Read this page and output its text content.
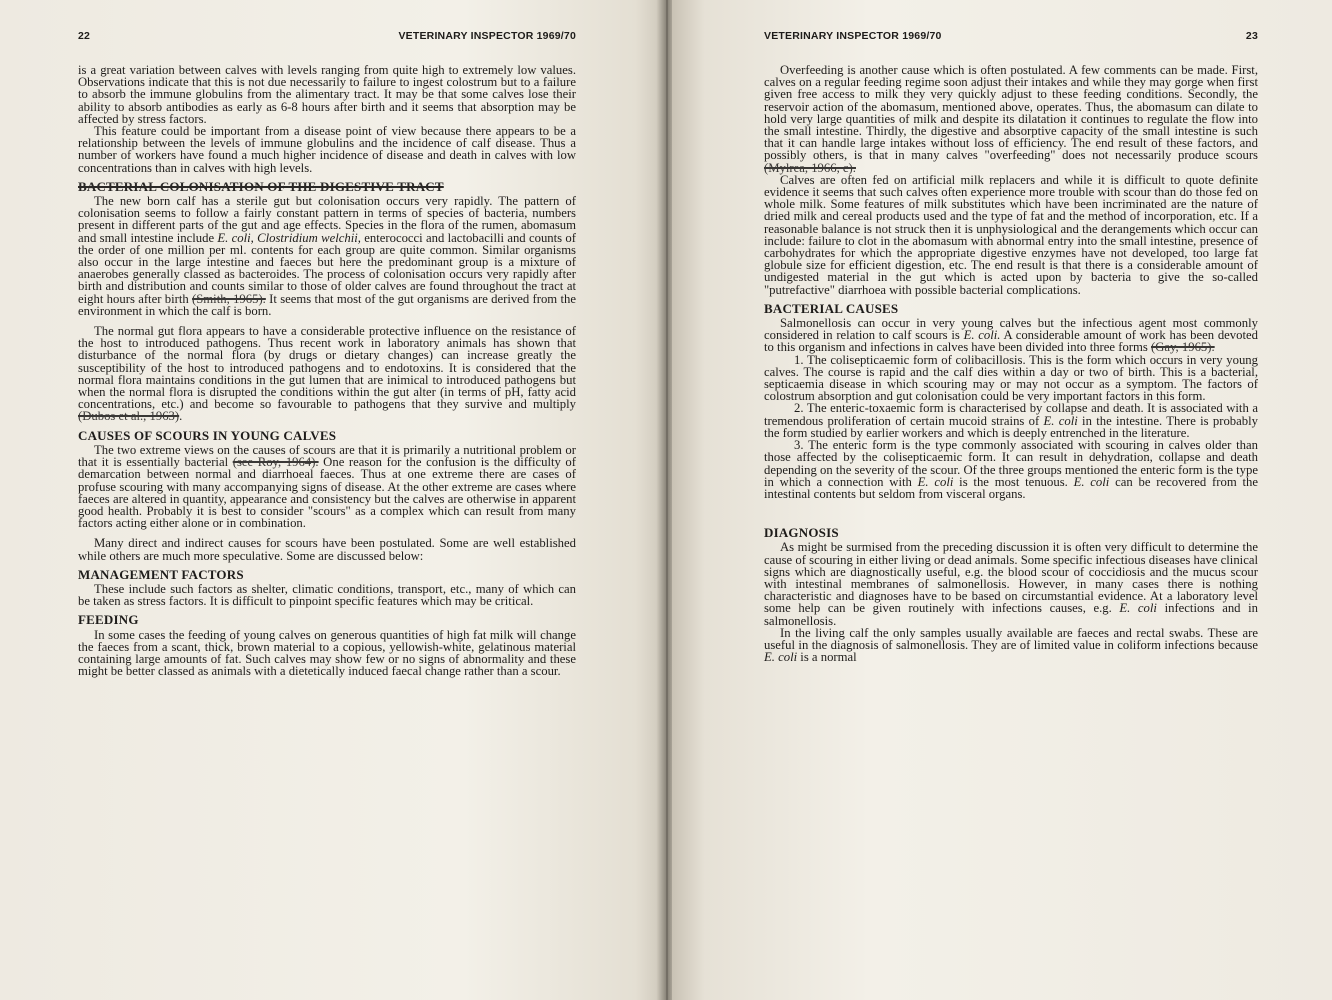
22	VETERINARY INSPECTOR 1969/70

is a great variation between calves with levels ranging from quite high to extremely low values. Observations indicate that this is not due necessarily to failure to ingest colostrum but to a failure to absorb the immune globulins from the alimentary tract. It may be that some calves lose their ability to absorb antibodies as early as 6-8 hours after birth and it seems that absorption may be affected by stress factors.

This feature could be important from a disease point of view because there appears to be a relationship between the levels of immune globulins and the incidence of calf disease. Thus a number of workers have found a much higher incidence of disease and death in calves with low concentrations than in calves with high levels.

BACTERIAL COLONISATION OF THE DIGESTIVE TRACT

The new born calf has a sterile gut but colonisation occurs very rapidly. The pattern of colonisation seems to follow a fairly constant pattern in terms of species of bacteria, numbers present in different parts of the gut and age effects. Species in the flora of the rumen, abomasum and small intestine include E. coli, Clostridium welchii, enterococci and lactobacilli and counts of the order of one million per ml. contents for each group are quite common. Similar organisms also occur in the large intestine and faeces but here the predominant group is a mixture of anaerobes generally classed as bacteroides. The process of colonisation occurs very rapidly after birth and distribution and counts similar to those of older calves are found throughout the tract at eight hours after birth (Smith, 1965). It seems that most of the gut organisms are derived from the environment in which the calf is born.

The normal gut flora appears to have a considerable protective influence on the resistance of the host to introduced pathogens. Thus recent work in laboratory animals has shown that disturbance of the normal flora (by drugs or dietary changes) can increase greatly the susceptibility of the host to introduced pathogens and to endotoxins. It is considered that the normal flora maintains conditions in the gut lumen that are inimical to introduced pathogens but when the normal flora is disrupted the conditions within the gut alter (in terms of pH, fatty acid concentrations, etc.) and become so favourable to pathogens that they survive and multiply (Dubos et al., 1963).

CAUSES OF SCOURS IN YOUNG CALVES

The two extreme views on the causes of scours are that it is primarily a nutritional problem or that it is essentially bacterial (see Roy, 1964). One reason for the confusion is the difficulty of demarcation between normal and diarrhoeal faeces. Thus at one extreme there are cases of profuse scouring with many accompanying signs of disease. At the other extreme are cases where faeces are altered in quantity, appearance and consistency but the calves are otherwise in apparent good health. Probably it is best to consider "scours" as a complex which can result from many factors acting either alone or in combination.

Many direct and indirect causes for scours have been postulated. Some are well established while others are much more speculative. Some are discussed below:

MANAGEMENT FACTORS

These include such factors as shelter, climatic conditions, transport, etc., many of which can be taken as stress factors. It is difficult to pinpoint specific features which may be critical.

FEEDING

In some cases the feeding of young calves on generous quantities of high fat milk will change the faeces from a scant, thick, brown material to a copious, yellowish-white, gelatinous material containing large amounts of fat. Such calves may show few or no signs of abnormality and these might be better classed as animals with a dietetically induced faecal change rather than a scour.

VETERINARY INSPECTOR 1969/70	23

Overfeeding is another cause which is often postulated. A few comments can be made. First, calves on a regular feeding regime soon adjust their intakes and while they may gorge when first given free access to milk they very quickly adjust to these feeding conditions. Secondly, the reservoir action of the abomasum, mentioned above, operates. Thus, the abomasum can dilate to hold very large quantities of milk and despite its dilatation it continues to regulate the flow into the small intestine. Thirdly, the digestive and absorptive capacity of the small intestine is such that it can handle large intakes without loss of efficiency. The end result of these factors, and possibly others, is that in many calves "overfeeding" does not necessarily produce scours (Mylrea, 1966, c).

Calves are often fed on artificial milk replacers and while it is difficult to quote definite evidence it seems that such calves often experience more trouble with scour than do those fed on whole milk. Some features of milk substitutes which have been incriminated are the nature of dried milk and cereal products used and the type of fat and the method of incorporation, etc. If a reasonable balance is not struck then it is unphysiological and the derangements which occur can include: failure to clot in the abomasum with abnormal entry into the small intestine, presence of carbohydrates for which the appropriate digestive enzymes have not developed, too large fat globule size for efficient digestion, etc. The end result is that there is a considerable amount of undigested material in the gut which is acted upon by bacteria to give the so-called "putrefactive" diarrhoea with possible bacterial complications.

BACTERIAL CAUSES

Salmonellosis can occur in very young calves but the infectious agent most commonly considered in relation to calf scours is E. coli. A considerable amount of work has been devoted to this organism and infections in calves have been divided into three forms (Gay, 1965).

1. The colisepticaemic form of colibacillosis. This is the form which occurs in very young calves. The course is rapid and the calf dies within a day or two of birth. This is a bacterial, septicaemia disease in which scouring may or may not occur as a symptom. The factors of colostrum absorption and gut colonisation could be very important factors in this form.

2. The enteric-toxaemic form is characterised by collapse and death. It is associated with a tremendous proliferation of certain mucoid strains of E. coli in the intestine. There is probably the form studied by earlier workers and which is deeply entrenched in the literature.

3. The enteric form is the type commonly associated with scouring in calves older than those affected by the colisepticaemic form. It can result in dehydration, collapse and death depending on the severity of the scour. Of the three groups mentioned the enteric form is the type in which a connection with E. coli is the most tenuous. E. coli can be recovered from the intestinal contents but seldom from visceral organs.

DIAGNOSIS

As might be surmised from the preceding discussion it is often very difficult to determine the cause of scouring in either living or dead animals. Some specific infectious diseases have clinical signs which are diagnostically useful, e.g. the blood scour of coccidiosis and the mucus scour with intestinal membranes of salmonellosis. However, in many cases there is nothing characteristic and diagnoses have to be based on circumstantial evidence. At a laboratory level some help can be given routinely with infections causes, e.g. E. coli infections and in salmonellosis.

In the living calf the only samples usually available are faeces and rectal swabs. These are useful in the diagnosis of salmonellosis. They are of limited value in coliform infections because E. coli is a normal
